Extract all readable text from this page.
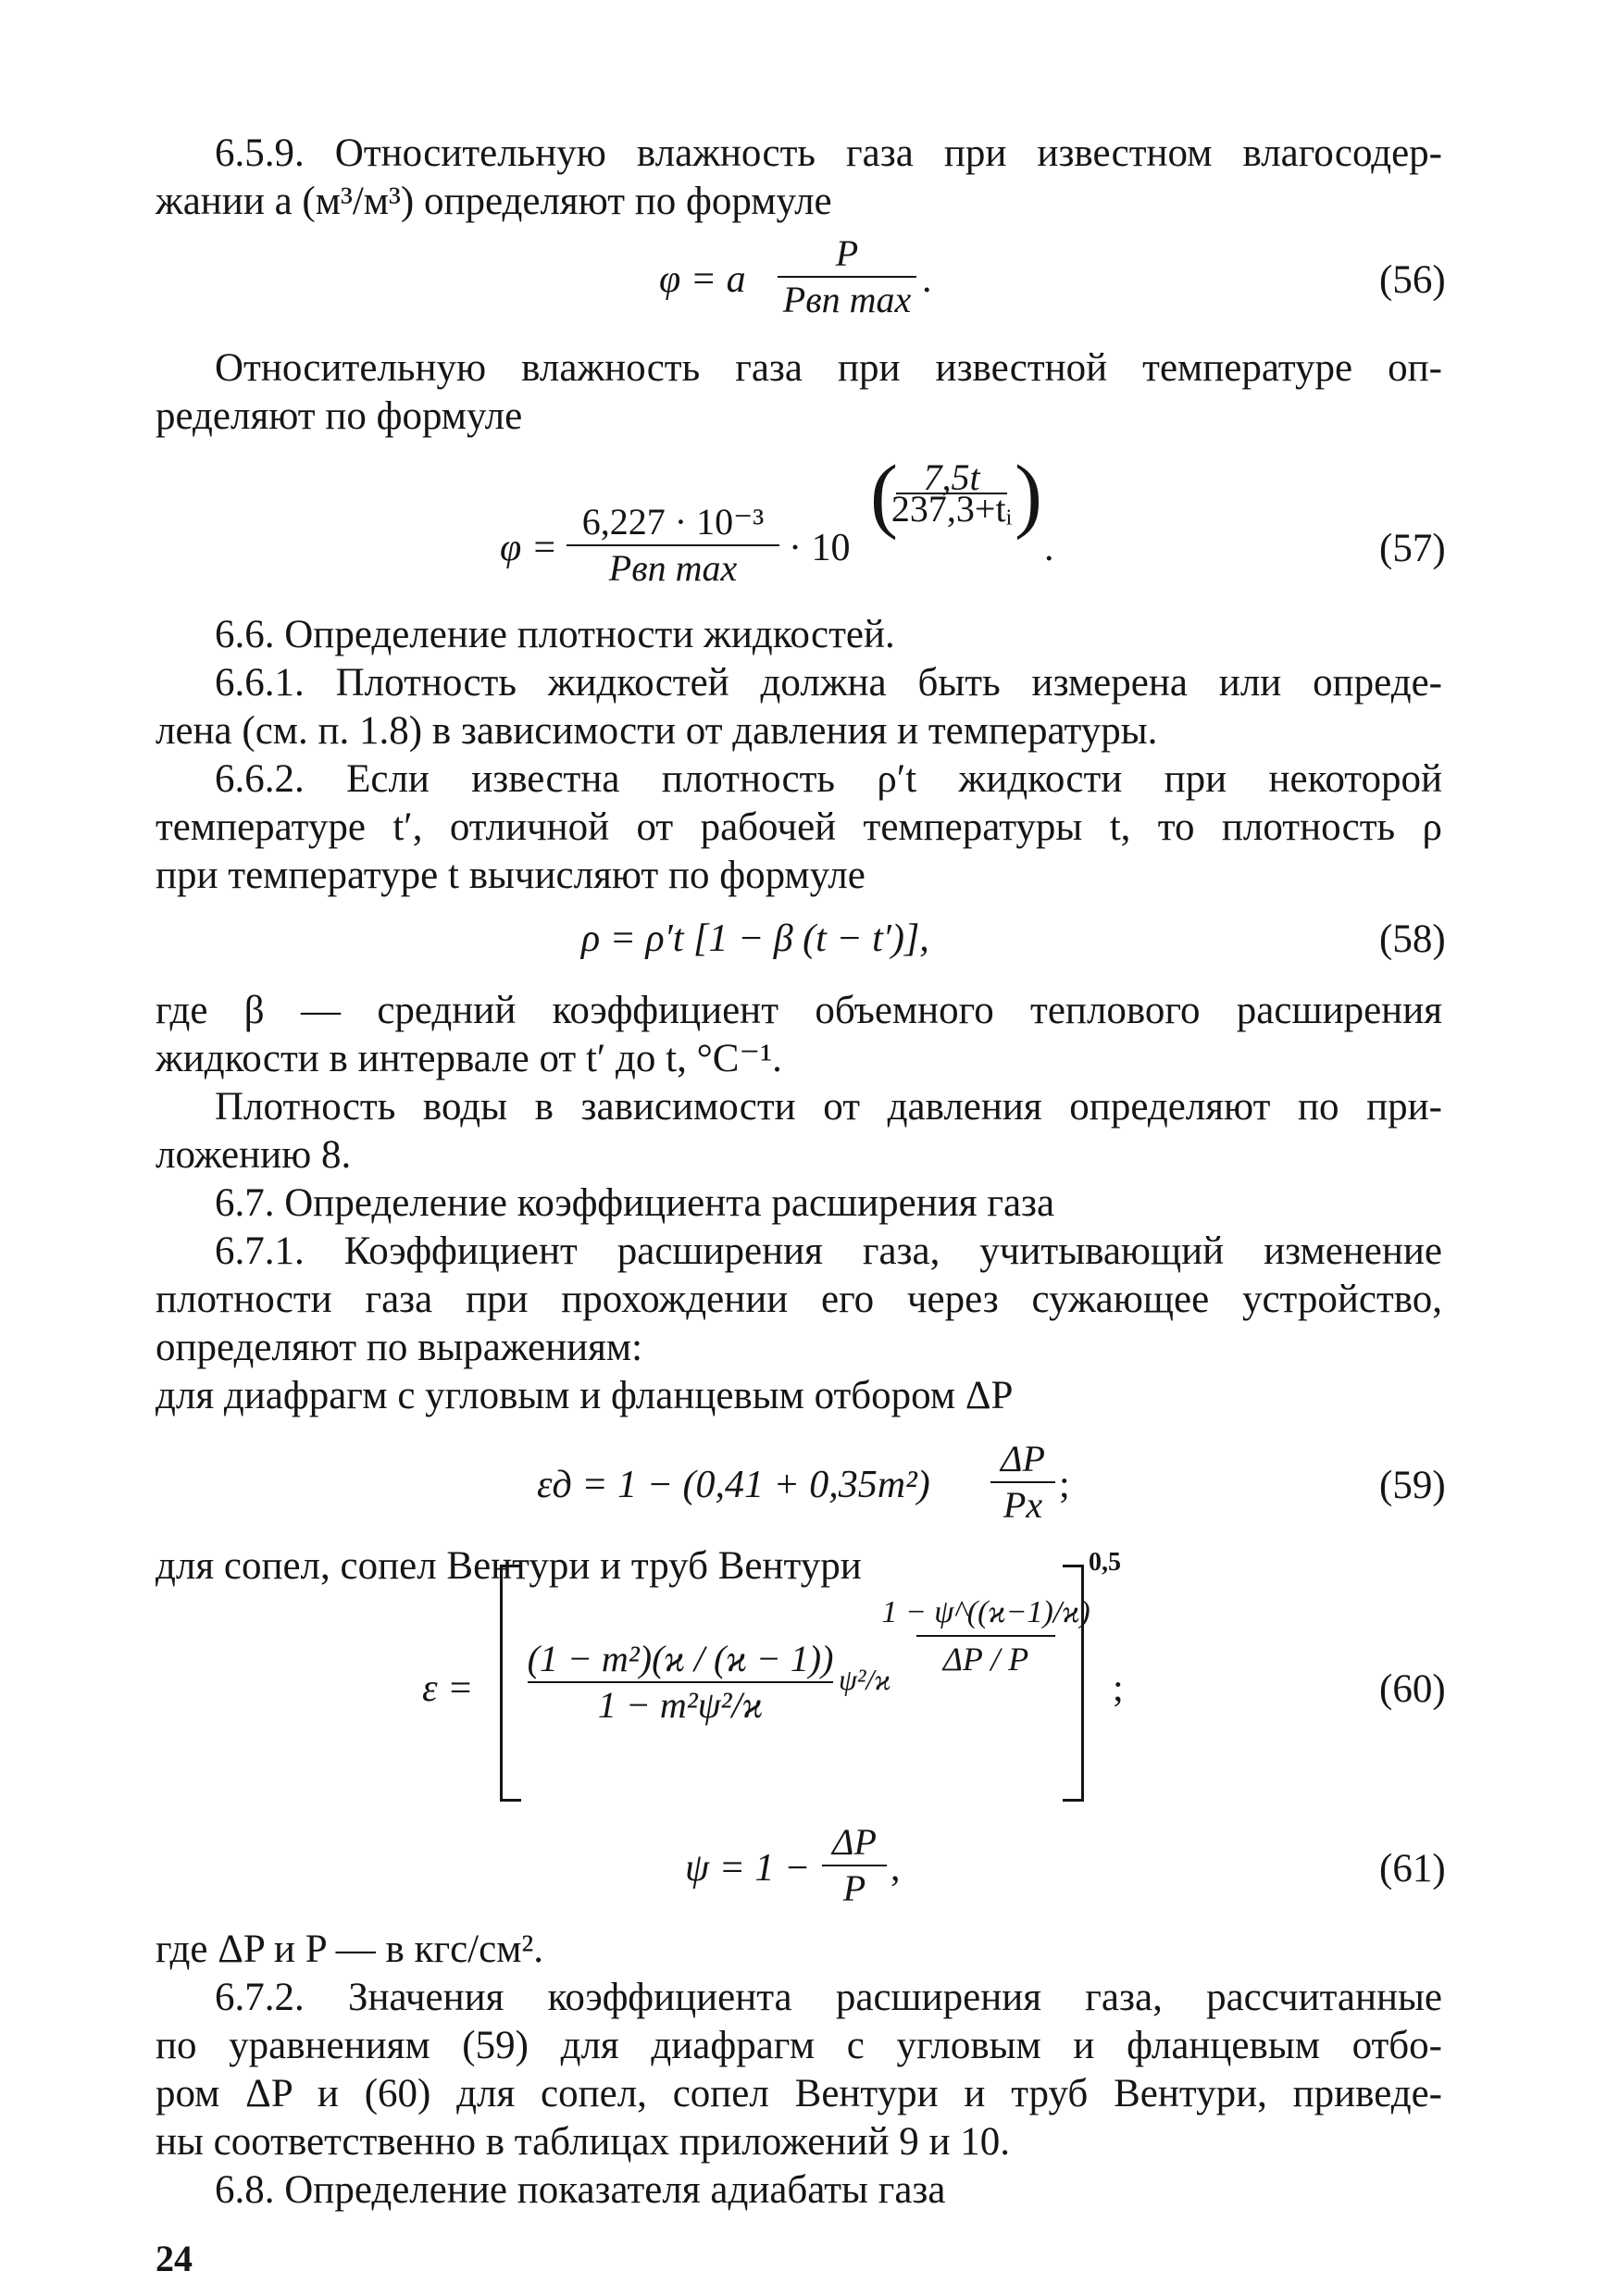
6.5.9. Относительную влажность газа при известном влагосодер-
жании a (м³/м³) определяют по формуле
φ = a
P
Pвп max .	(56)
Относительную влажность газа при известной температуре оп-
ределяют по формуле
φ =
6,227 · 10⁻³
Pвп max · 10
( 7,5t
237,3+tᵢ )
.	(57)
6.6. Определение плотности жидкостей.
6.6.1. Плотность жидкостей должна быть измерена или опреде-
лена (см. п. 1.8) в зависимости от давления и температуры.
6.6.2. Если известна плотность ρ′t жидкости при некоторой
температуре t′, отличной от рабочей температуры t, то плотность ρ
при температуре t вычисляют по формуле
ρ = ρ′t [1 − β (t − t′)],	(58)
где β — средний коэффициент объемного теплового расширения
жидкости в интервале от t′ до t, °C⁻¹.
Плотность воды в зависимости от давления определяют по при-
ложению 8.
6.7. Определение коэффициента расширения газа
6.7.1. Коэффициент расширения газа, учитывающий изменение
плотности газа при прохождении его через сужающее устройство,
определяют по выражениям:
для диафрагм с угловым и фланцевым отбором ΔP
εд = 1 − (0,41 + 0,35m²)
ΔP
Pх ;	(59)
для сопел, сопел Вентури и труб Вентури
ε =
(1 − m²)(ϰ / (ϰ − 1))
1 − m²ψ²/ϰ
ψ²/ϰ
1 − ψ^((ϰ−1)/ϰ)
ΔP / P
0,5
;	(60)
ψ = 1 −
ΔP
P ,	(61)
где ΔP и P — в кгс/см².
6.7.2. Значения коэффициента расширения газа, рассчитанные
по уравнениям (59) для диафрагм с угловым и фланцевым отбо-
ром ΔP и (60) для сопел, сопел Вентури и труб Вентури, приведе-
ны соответственно в таблицах приложений 9 и 10.
6.8. Определение показателя адиабаты газа
24
